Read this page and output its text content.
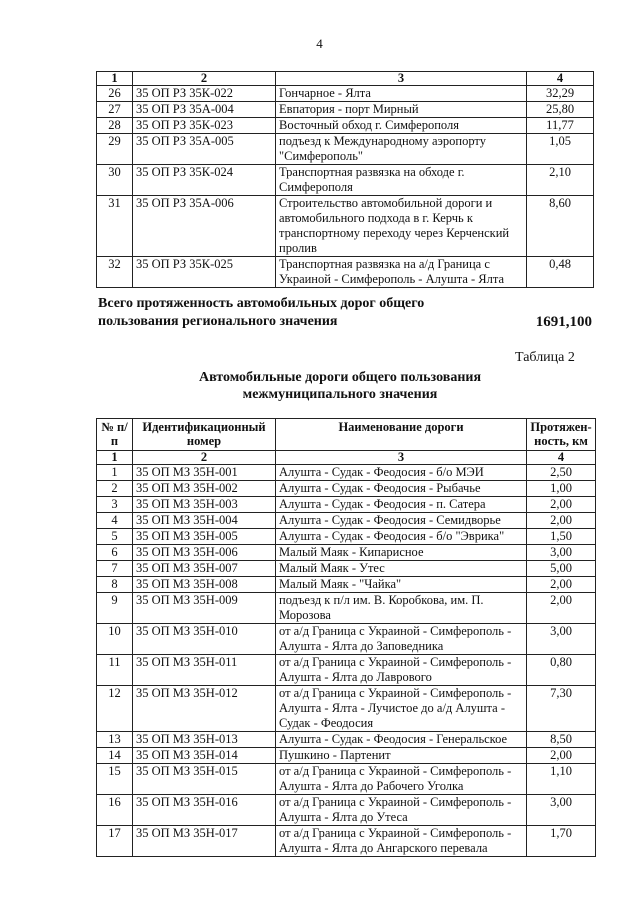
4
1	2	3	4
26	35 ОП РЗ 35К-022	Гончарное - Ялта	32,29
27	35 ОП РЗ 35А-004	Евпатория - порт Мирный	25,80
28	35 ОП РЗ 35К-023	Восточный обход г. Симферополя	11,77
29	35 ОП РЗ 35А-005	подъезд к Международному аэропорту "Симферополь"	1,05
30	35 ОП РЗ 35К-024	Транспортная развязка на обходе г. Симферополя	2,10
31	35 ОП РЗ 35А-006	Строительство автомобильной дороги и автомобильного подхода в г. Керчь к транспортному переходу через Керченский пролив	8,60
32	35 ОП РЗ 35К-025	Транспортная развязка на а/д Граница с Украиной - Симферополь - Алушта - Ялта	0,48
Всего протяженность автомобильных дорог общего пользования регионального значения	1691,100
Таблица 2
Автомобильные дороги общего пользования межмуниципального значения
№ п/п	Идентификационный номер	Наименование дороги	Протяжен- ность, км
1	2	3	4
1	35 ОП МЗ 35Н-001	Алушта - Судак - Феодосия - б/о МЭИ	2,50
2	35 ОП МЗ 35Н-002	Алушта - Судак - Феодосия - Рыбачье	1,00
3	35 ОП МЗ 35Н-003	Алушта - Судак - Феодосия - п. Сатера	2,00
4	35 ОП МЗ 35Н-004	Алушта - Судак - Феодосия - Семидворье	2,00
5	35 ОП МЗ 35Н-005	Алушта - Судак - Феодосия - б/о "Эврика"	1,50
6	35 ОП МЗ 35Н-006	Малый Маяк - Кипарисное	3,00
7	35 ОП МЗ 35Н-007	Малый Маяк - Утес	5,00
8	35 ОП МЗ 35Н-008	Малый Маяк - "Чайка"	2,00
9	35 ОП МЗ 35Н-009	подъезд к п/л им. В. Коробкова, им. П. Морозова	2,00
10	35 ОП МЗ 35Н-010	от а/д Граница с Украиной - Симферополь - Алушта - Ялта до Заповедника	3,00
11	35 ОП МЗ 35Н-011	от а/д Граница с Украиной - Симферополь - Алушта - Ялта до Лаврового	0,80
12	35 ОП МЗ 35Н-012	от а/д Граница с Украиной - Симферополь - Алушта - Ялта - Лучистое до а/д Алушта - Судак - Феодосия	7,30
13	35 ОП МЗ 35Н-013	Алушта - Судак - Феодосия - Генеральское	8,50
14	35 ОП МЗ 35Н-014	Пушкино - Партенит	2,00
15	35 ОП МЗ 35Н-015	от а/д Граница с Украиной - Симферополь - Алушта - Ялта до Рабочего Уголка	1,10
16	35 ОП МЗ 35Н-016	от а/д Граница с Украиной - Симферополь - Алушта - Ялта до Утеса	3,00
17	35 ОП МЗ 35Н-017	от а/д Граница с Украиной - Симферополь - Алушта - Ялта до Ангарского перевала	1,70
